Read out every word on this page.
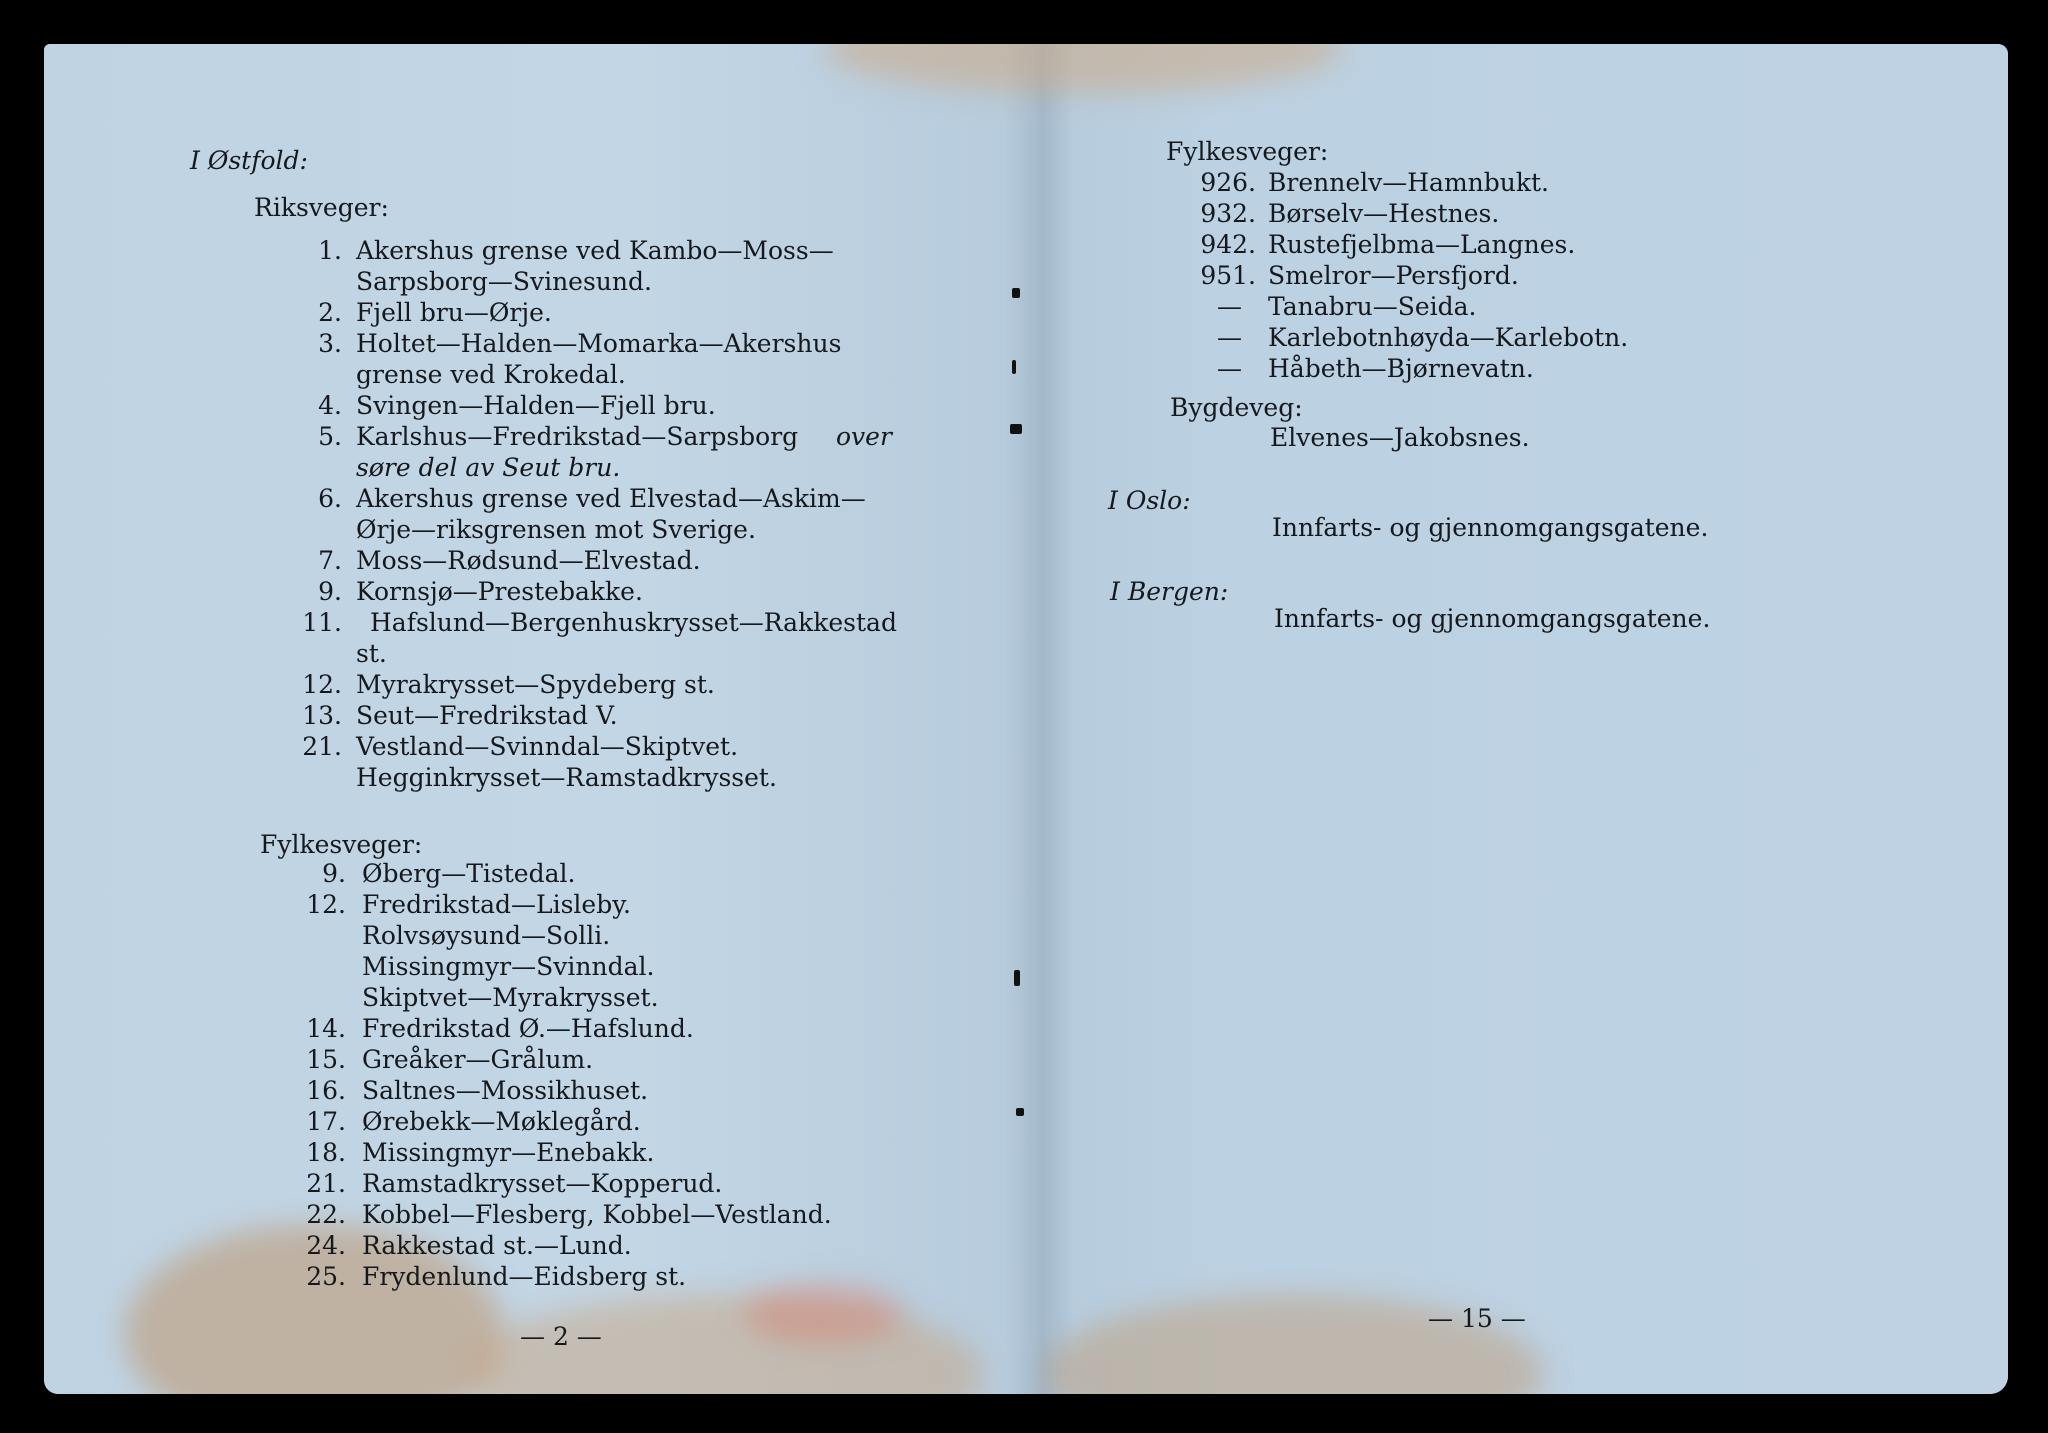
I Østfold:
Riksveger:
1. Akershus grense ved Kambo—Moss—
Sarpsborg—Svinesund.
2. Fjell bru—Ørje.
3. Holtet—Halden—Momarka—Akershus
grense ved Krokedal.
4. Svingen—Halden—Fjell bru.
5. Karlshus—Fredrikstad—Sarpsborg over
søre del av Seut bru.
6. Akershus grense ved Elvestad—Askim—
Ørje—riksgrensen mot Sverige.
7. Moss—Rødsund—Elvestad.
9. Kornsjø—Prestebakke.
11. Hafslund—Bergenhuskrysset—Rakkestad
st.
12. Myrakrysset—Spydeberg st.
13. Seut—Fredrikstad V.
21. Vestland—Svinndal—Skiptvet.
Hegginkrysset—Ramstadkrysset.
Fylkesveger:
9. Øberg—Tistedal.
12. Fredrikstad—Lisleby.
Rolvsøysund—Solli.
Missingmyr—Svinndal.
Skiptvet—Myrakrysset.
14. Fredrikstad Ø.—Hafslund.
15. Greåker—Grålum.
16. Saltnes—Mossikhuset.
17. Ørebekk—Møklegård.
18. Missingmyr—Enebakk.
21. Ramstadkrysset—Kopperud.
22. Kobbel—Flesberg, Kobbel—Vestland.
24. Rakkestad st.—Lund.
25. Frydenlund—Eidsberg st.
— 2 —
Fylkesveger:
926. Brennelv—Hamnbukt.
932. Børselv—Hestnes.
942. Rustefjelbma—Langnes.
951. Smelror—Persfjord.
— Tanabru—Seida.
— Karlebotnhøyda—Karlebotn.
— Håbeth—Bjørnevatn.
Bygdeveg:
Elvenes—Jakobsnes.
I Oslo:
Innfarts- og gjennomgangsgatene.
I Bergen:
Innfarts- og gjennomgangsgatene.
— 15 —
